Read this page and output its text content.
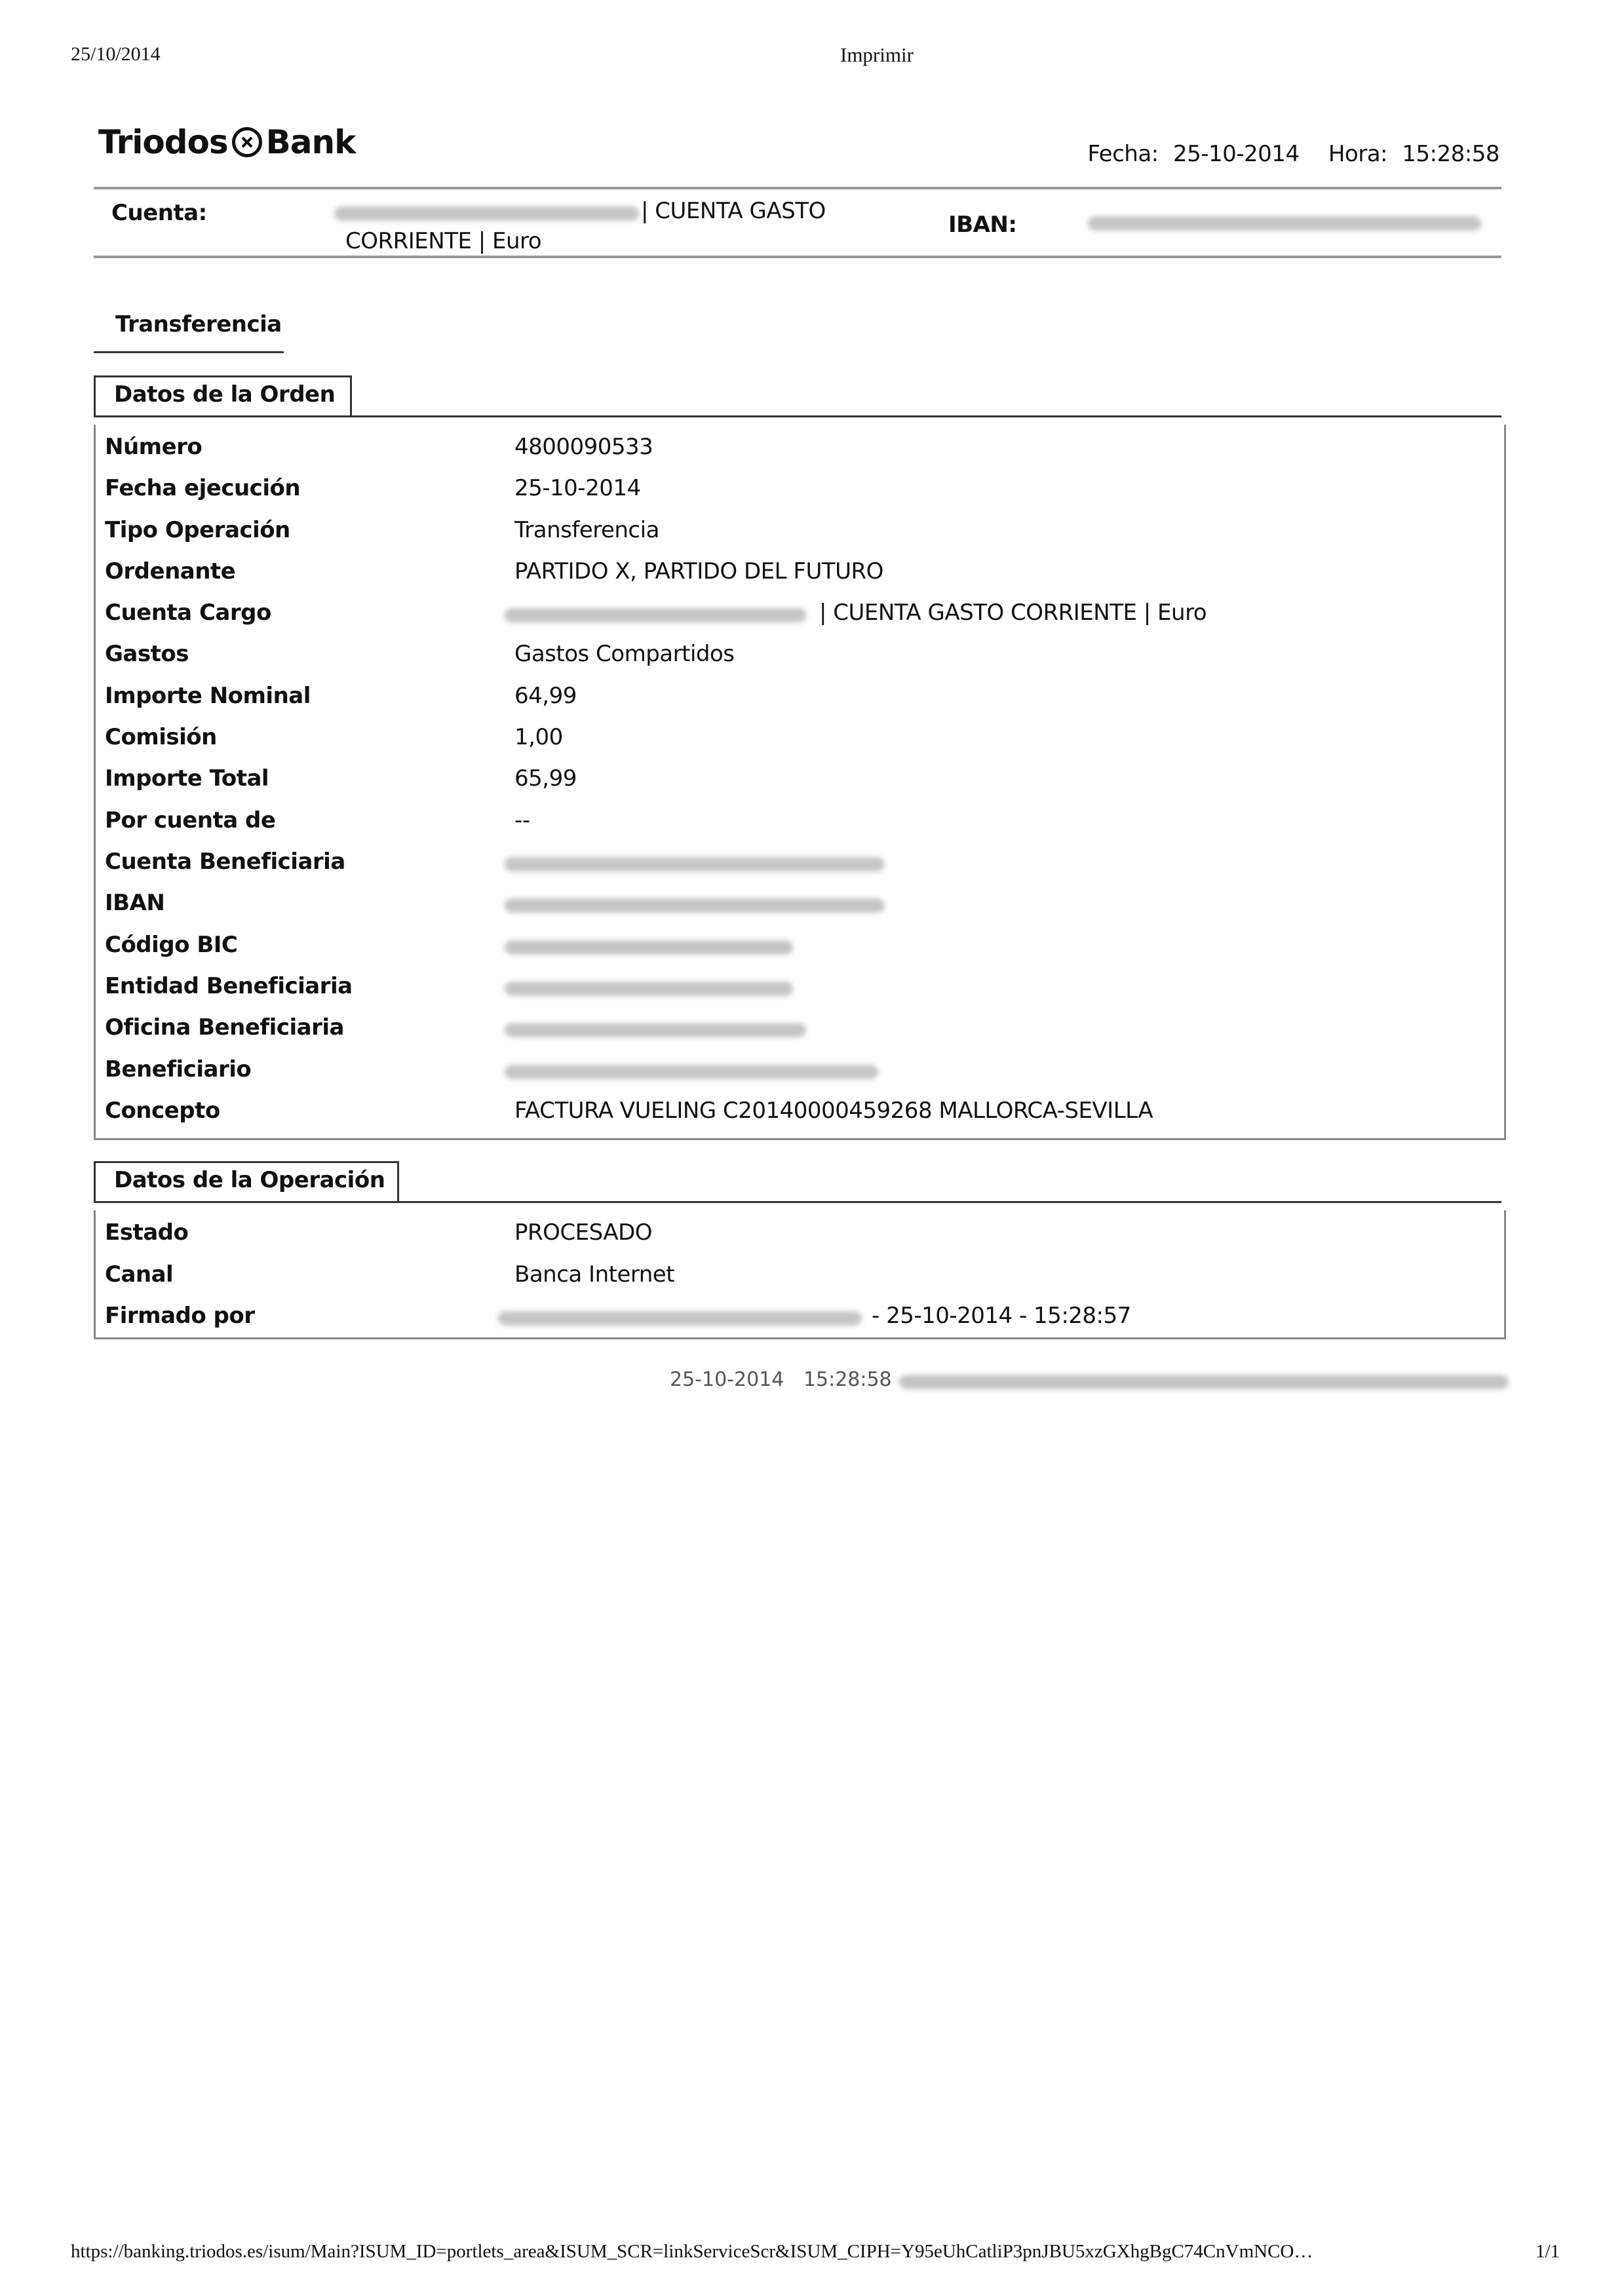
25/10/2014	Imprimir
Triodos Bank	Fecha: 25-10-2014 Hora: 15:28:58
Cuenta:	| CUENTA GASTO
CORRIENTE | Euro
IBAN:
Transferencia
Datos de la Orden
Número	4800090533
Fecha ejecución	25-10-2014
Tipo Operación	Transferencia
Ordenante	PARTIDO X, PARTIDO DEL FUTURO
Cuenta Cargo	| CUENTA GASTO CORRIENTE | Euro
Gastos	Gastos Compartidos
Importe Nominal	64,99
Comisión	1,00
Importe Total	65,99
Por cuenta de	--
Cuenta Beneficiaria
IBAN
Código BIC
Entidad Beneficiaria
Oficina Beneficiaria
Beneficiario
Concepto	FACTURA VUELING C20140000459268 MALLORCA-SEVILLA
Datos de la Operación
Estado	PROCESADO
Canal	Banca Internet
Firmado por	- 25-10-2014 - 15:28:57
25-10-2014 15:28:58
https://banking.triodos.es/isum/Main?ISUM_ID=portlets_area&ISUM_SCR=linkServiceScr&ISUM_CIPH=Y95eUhCatliP3pnJBU5xzGXhgBgC74CnVmNCO…	1/1
